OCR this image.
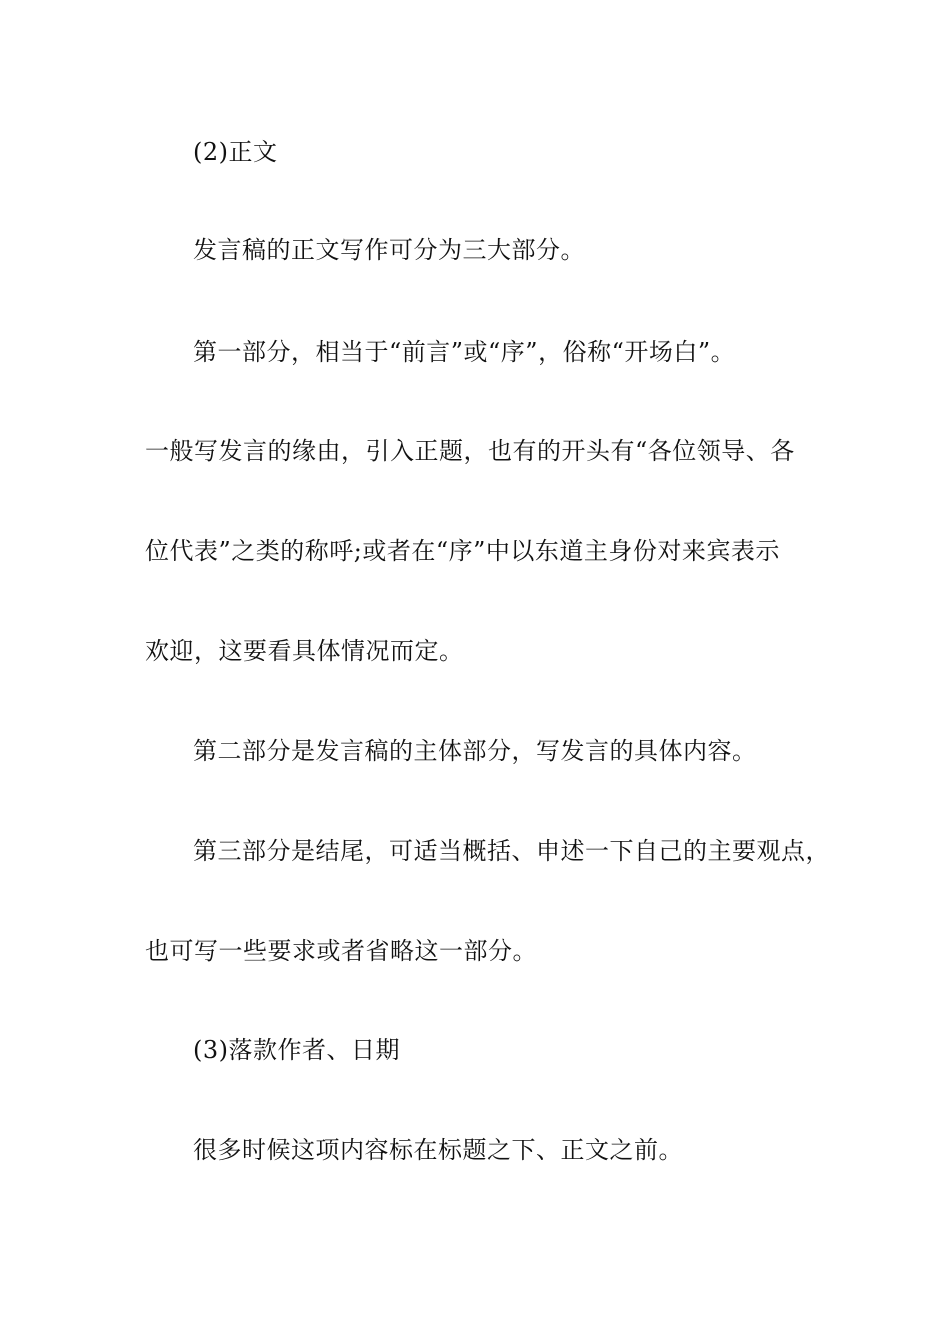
(2)正文
发言稿的正文写作可分为三大部分。
第一部分，相当于“前言”或“序”，俗称“开场白”。
一般写发言的缘由，引入正题，也有的开头有“各位领导、各
位代表”之类的称呼;或者在“序”中以东道主身份对来宾表示
欢迎，这要看具体情况而定。
第二部分是发言稿的主体部分，写发言的具体内容。
第三部分是结尾，可适当概括、申述一下自己的主要观点，
也可写一些要求或者省略这一部分。
(3)落款作者、日期
很多时候这项内容标在标题之下、正文之前。
